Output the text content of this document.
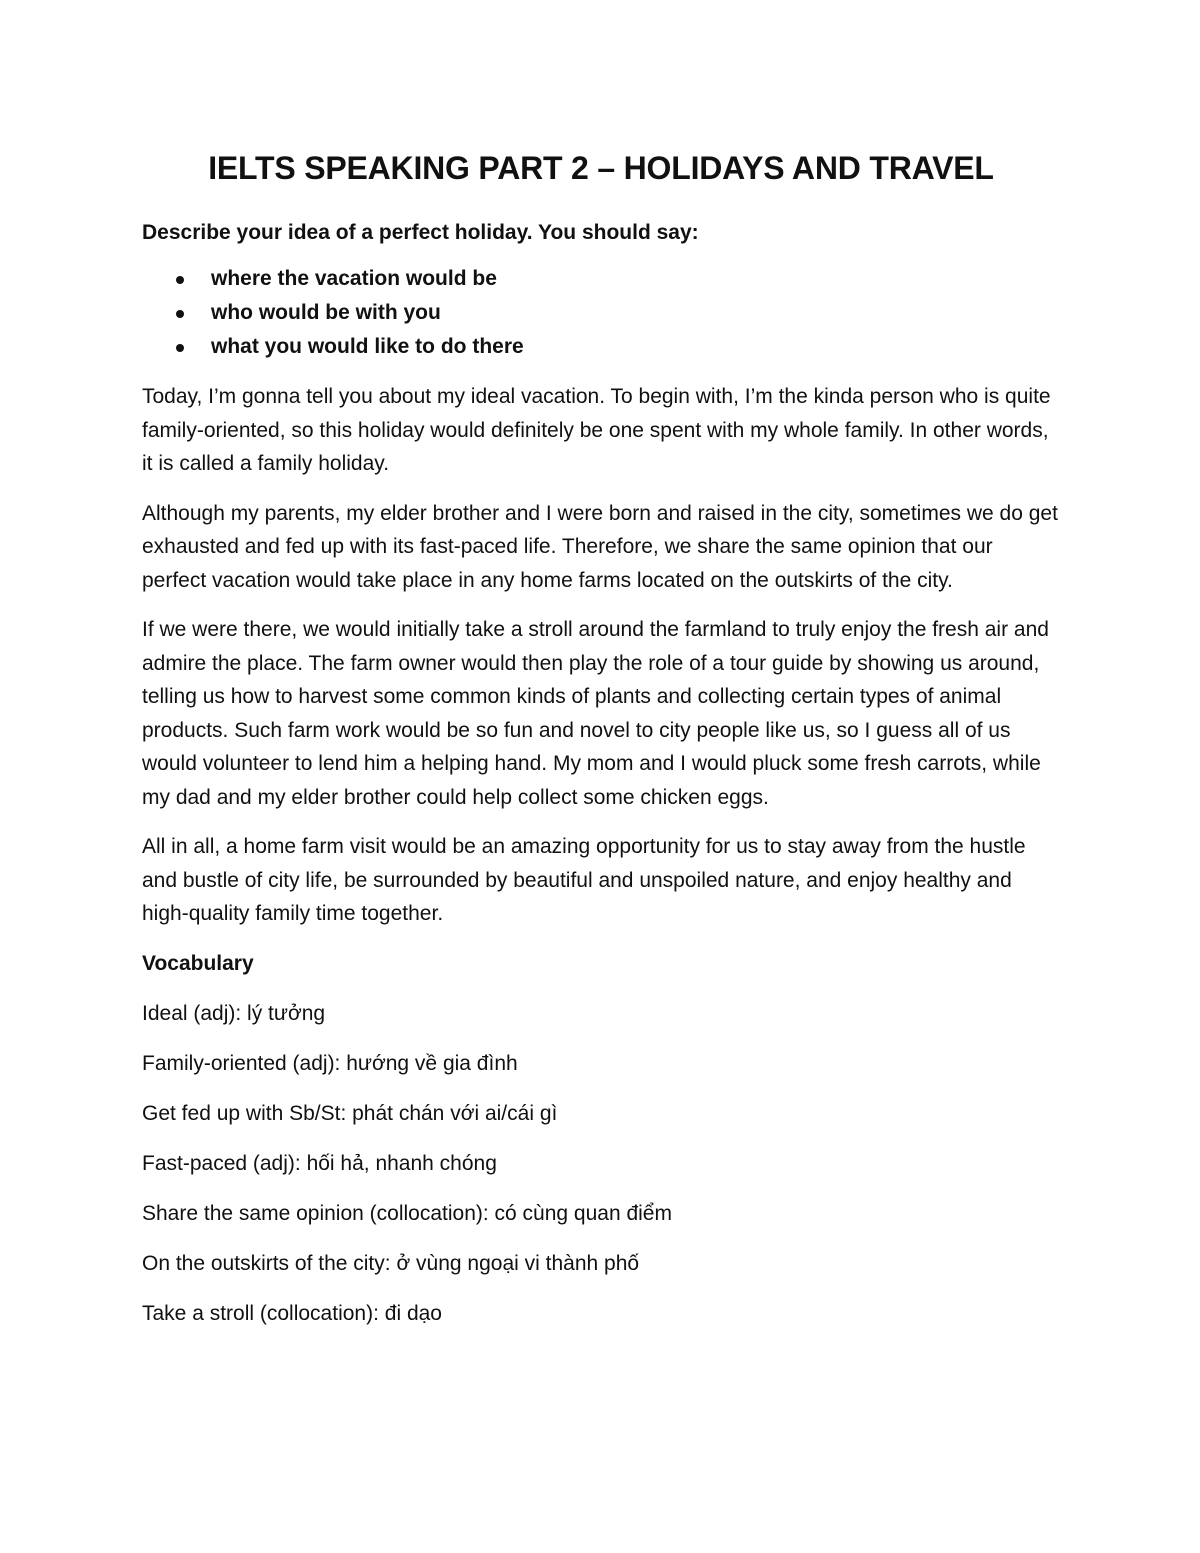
IELTS SPEAKING PART 2 – HOLIDAYS AND TRAVEL

Describe your idea of a perfect holiday. You should say:

where the vacation would be
who would be with you
what you would like to do there

Today, I’m gonna tell you about my ideal vacation. To begin with, I’m the kinda person who is quite family-oriented, so this holiday would definitely be one spent with my whole family. In other words, it is called a family holiday.

Although my parents, my elder brother and I were born and raised in the city, sometimes we do get exhausted and fed up with its fast-paced life. Therefore, we share the same opinion that our perfect vacation would take place in any home farms located on the outskirts of the city.

If we were there, we would initially take a stroll around the farmland to truly enjoy the fresh air and admire the place. The farm owner would then play the role of a tour guide by showing us around, telling us how to harvest some common kinds of plants and collecting certain types of animal products. Such farm work would be so fun and novel to city people like us, so I guess all of us would volunteer to lend him a helping hand. My mom and I would pluck some fresh carrots, while my dad and my elder brother could help collect some chicken eggs.

All in all, a home farm visit would be an amazing opportunity for us to stay away from the hustle and bustle of city life, be surrounded by beautiful and unspoiled nature, and enjoy healthy and high-quality family time together.

Vocabulary

Ideal (adj): lý tưởng
Family-oriented (adj): hướng về gia đình
Get fed up with Sb/St: phát chán với ai/cái gì
Fast-paced (adj): hối hả, nhanh chóng
Share the same opinion (collocation): có cùng quan điểm
On the outskirts of the city: ở vùng ngoại vi thành phố
Take a stroll (collocation): đi dạo
